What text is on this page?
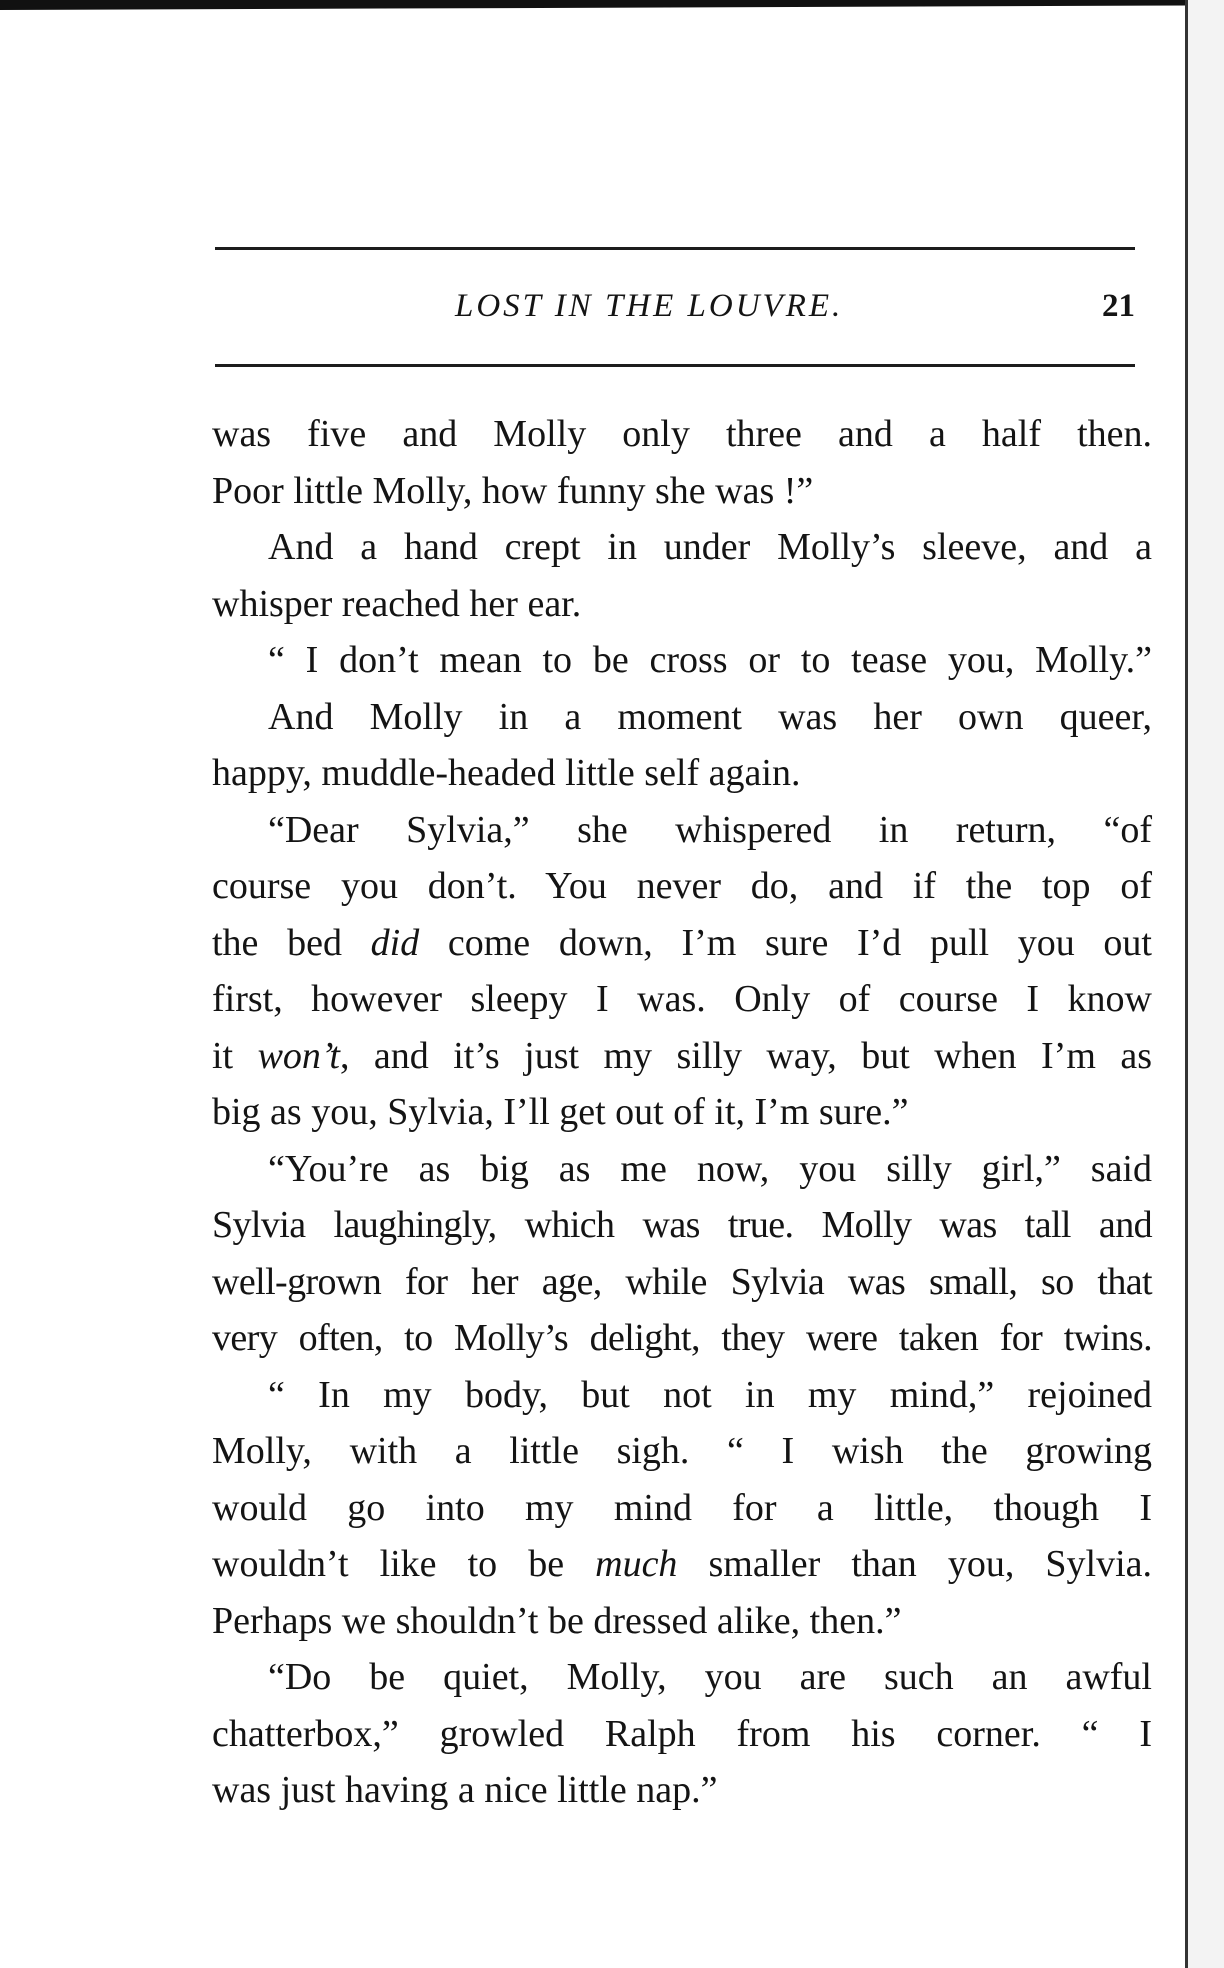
LOST IN THE LOUVRE.	21
was five and Molly only three and a half then.
Poor little Molly, how funny she was !”
And a hand crept in under Molly’s sleeve, and a
whisper reached her ear.
“ I don’t mean to be cross or to tease you, Molly.”
And Molly in a moment was her own queer,
happy, muddle-headed little self again.
“Dear Sylvia,” she whispered in return, “of
course you don’t. You never do, and if the top of
the bed did come down, I’m sure I’d pull you out
first, however sleepy I was. Only of course I know
it won’t, and it’s just my silly way, but when I’m as
big as you, Sylvia, I’ll get out of it, I’m sure.”
“You’re as big as me now, you silly girl,” said
Sylvia laughingly, which was true. Molly was tall and
well-grown for her age, while Sylvia was small, so that
very often, to Molly’s delight, they were taken for twins.
“ In my body, but not in my mind,” rejoined
Molly, with a little sigh. “ I wish the growing
would go into my mind for a little, though I
wouldn’t like to be much smaller than you, Sylvia.
Perhaps we shouldn’t be dressed alike, then.”
“Do be quiet, Molly, you are such an awful
chatterbox,” growled Ralph from his corner. “ I
was just having a nice little nap.”
